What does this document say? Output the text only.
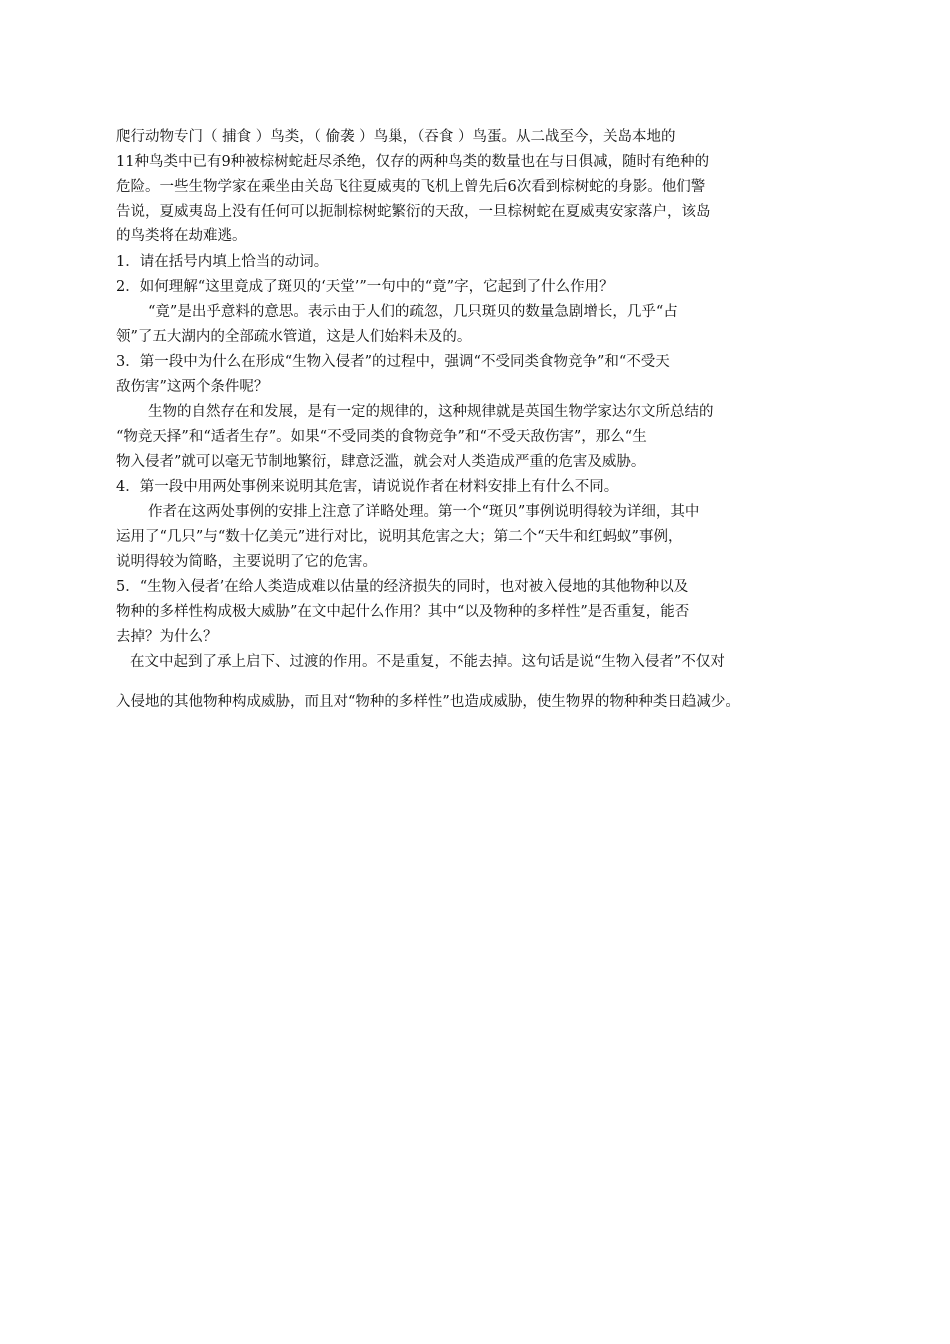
爬行动物专门（ 捕食 ）鸟类，（ 偷袭 ）鸟巢，（吞食 ）鸟蛋。从二战至今，关岛本地的
11种鸟类中已有9种被棕树蛇赶尽杀绝，仅存的两种鸟类的数量也在与日俱减，随时有绝种的
危险。一些生物学家在乘坐由关岛飞往夏威夷的飞机上曾先后6次看到棕树蛇的身影。他们警
告说，夏威夷岛上没有任何可以扼制棕树蛇繁衍的天敌，一旦棕树蛇在夏威夷安家落户，该岛
的鸟类将在劫难逃。
1．请在括号内填上恰当的动词。
2．如何理解“这里竟成了斑贝的‘天堂’”一句中的“竟”字，它起到了什么作用？
“竟”是出乎意料的意思。表示由于人们的疏忽，几只斑贝的数量急剧增长，几乎“占
领”了五大湖内的全部疏水管道，这是人们始料未及的。
3．第一段中为什么在形成“生物入侵者”的过程中，强调“不受同类食物竞争”和“不受天
敌伤害”这两个条件呢？
生物的自然存在和发展，是有一定的规律的，这种规律就是英国生物学家达尔文所总结的
“物竞天择”和“适者生存”。如果“不受同类的食物竞争”和“不受天敌伤害”，那么“生
物入侵者”就可以毫无节制地繁衍，肆意泛滥，就会对人类造成严重的危害及威胁。
4．第一段中用两处事例来说明其危害，请说说作者在材料安排上有什么不同。
作者在这两处事例的安排上注意了详略处理。第一个“斑贝”事例说明得较为详细，其中
运用了“几只”与“数十亿美元”进行对比，说明其危害之大；第二个“天牛和红蚂蚁”事例，
说明得较为简略，主要说明了它的危害。
5．“生物入侵者’在给人类造成难以估量的经济损失的同时，也对被入侵地的其他物种以及
物种的多样性构成极大威胁”在文中起什么作用？其中“以及物种的多样性”是否重复，能否
去掉？为什么？
在文中起到了承上启下、过渡的作用。不是重复，不能去掉。这句话是说“生物入侵者”不仅对
入侵地的其他物种构成威胁，而且对“物种的多样性”也造成威胁，使生物界的物种种类日趋减少。
